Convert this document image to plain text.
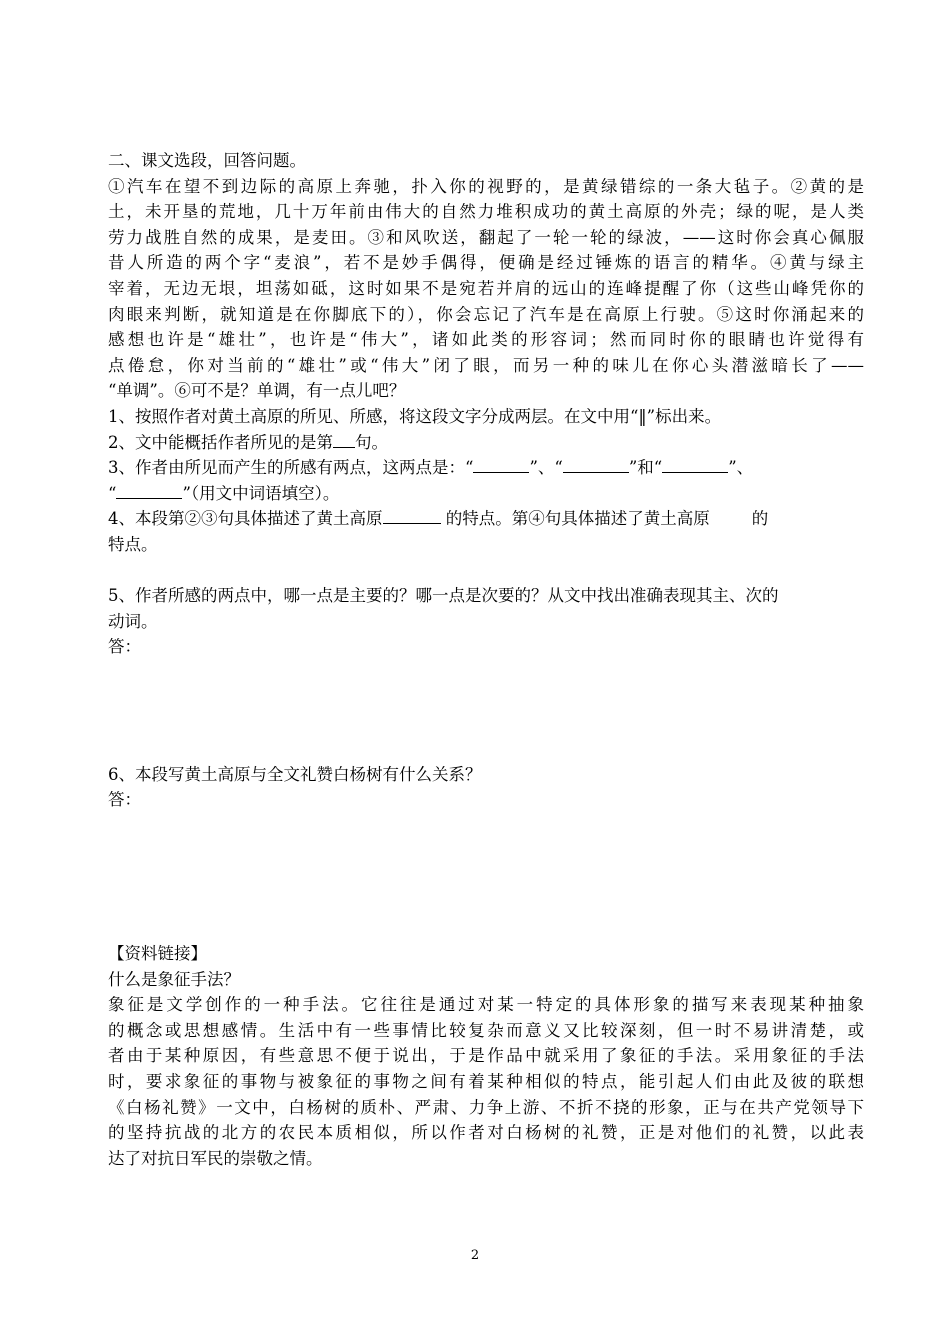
二、课文选段，回答问题。

①汽车在望不到边际的高原上奔驰，扑入你的视野的，是黄绿错综的一条大毡子。②黄的是

土，未开垦的荒地，几十万年前由伟大的自然力堆积成功的黄土高原的外壳；绿的呢，是人类

劳力战胜自然的成果，是麦田。③和风吹送，翻起了一轮一轮的绿波，——这时你会真心佩服

昔人所造的两个字“麦浪”，若不是妙手偶得，便确是经过锤炼的语言的精华。④黄与绿主

宰着，无边无垠，坦荡如砥，这时如果不是宛若并肩的远山的连峰提醒了你（这些山峰凭你的

肉眼来判断，就知道是在你脚底下的），你会忘记了汽车是在高原上行驶。⑤这时你涌起来的

感想也许是“雄壮”，也许是“伟大”，诸如此类的形容词；然而同时你的眼睛也许觉得有

点倦怠，你对当前的“雄壮”或“伟大”闭了眼，而另一种的味儿在你心头潜滋暗长了——

“单调”。⑥可不是？单调，有一点儿吧？

1、按照作者对黄土高原的所见、所感，将这段文字分成两层。在文中用“‖”标出来。

2、文中能概括作者所见的是第 句。

3、作者由所见而产生的所感有两点，这两点是：“	”、“	”和“	”、

“	”（用文中词语填空）。

4、本段第②③句具体描述了黄土高原	的特点。第④句具体描述了黄土高原	的

特点。

5、作者所感的两点中，哪一点是主要的？哪一点是次要的？从文中找出准确表现其主、次的

动词。

答：

6、本段写黄土高原与全文礼赞白杨树有什么关系？

答：

【资料链接】

什么是象征手法？

象征是文学创作的一种手法。它往往是通过对某一特定的具体形象的描写来表现某种抽象

的概念或思想感情。生活中有一些事情比较复杂而意义又比较深刻，但一时不易讲清楚，或

者由于某种原因，有些意思不便于说出，于是作品中就采用了象征的手法。采用象征的手法

时，要求象征的事物与被象征的事物之间有着某种相似的特点，能引起人们由此及彼的联想

《白杨礼赞》一文中，白杨树的质朴、严肃、力争上游、不折不挠的形象，正与在共产党领导下

的坚持抗战的北方的农民本质相似，所以作者对白杨树的礼赞，正是对他们的礼赞，以此表

达了对抗日军民的崇敬之情。

2
